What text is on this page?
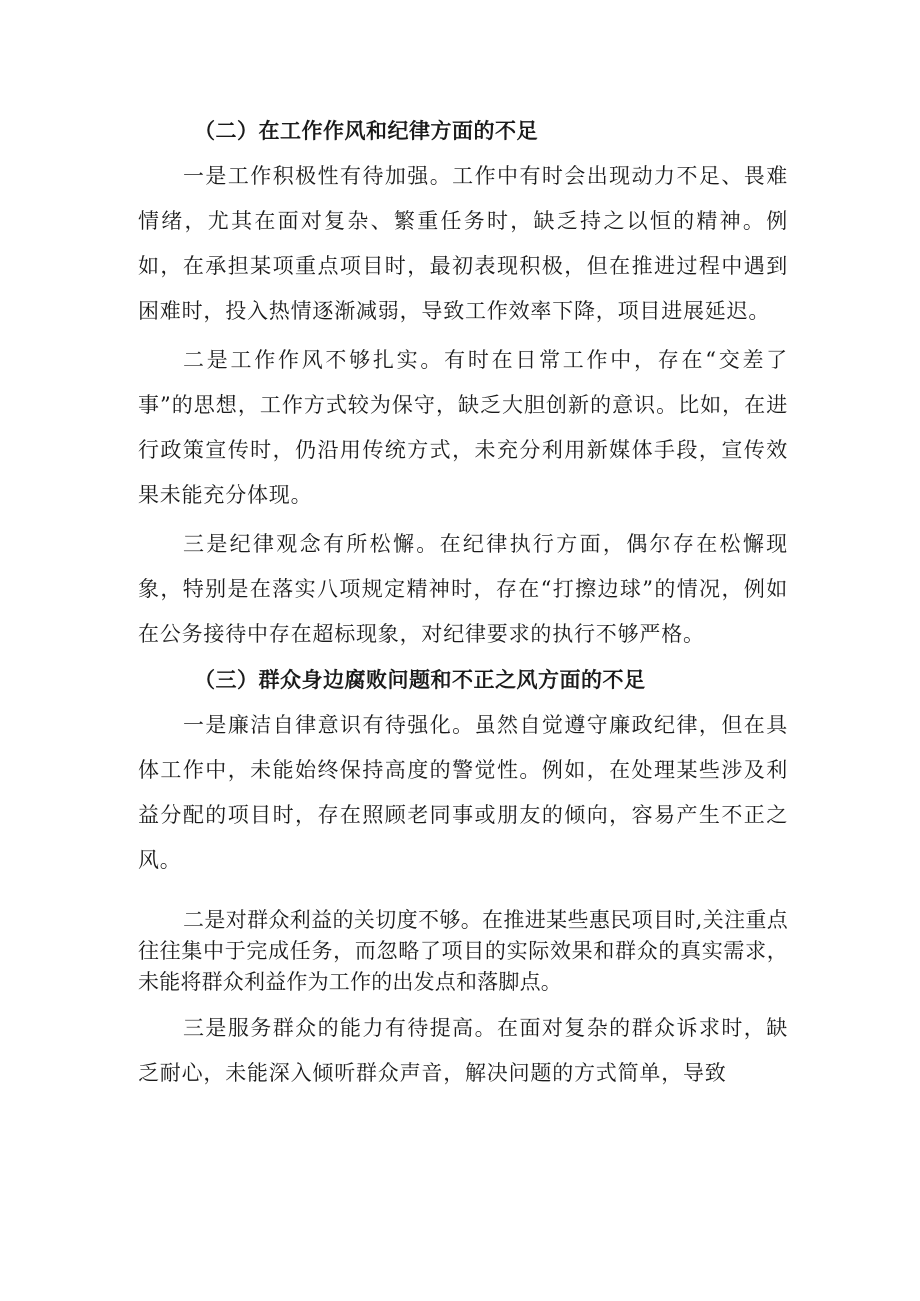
（二）在工作作风和纪律方面的不足

一是工作积极性有待加强。工作中有时会出现动力不足、畏难情绪，尤其在面对复杂、繁重任务时，缺乏持之以恒的精神。例如，在承担某项重点项目时，最初表现积极，但在推进过程中遇到困难时，投入热情逐渐减弱，导致工作效率下降，项目进展延迟。

二是工作作风不够扎实。有时在日常工作中，存在“交差了事”的思想，工作方式较为保守，缺乏大胆创新的意识。比如，在进行政策宣传时，仍沿用传统方式，未充分利用新媒体手段，宣传效果未能充分体现。

三是纪律观念有所松懈。在纪律执行方面，偶尔存在松懈现象，特别是在落实八项规定精神时，存在“打擦边球”的情况，例如在公务接待中存在超标现象，对纪律要求的执行不够严格。

（三）群众身边腐败问题和不正之风方面的不足

一是廉洁自律意识有待强化。虽然自觉遵守廉政纪律，但在具体工作中，未能始终保持高度的警觉性。例如，在处理某些涉及利益分配的项目时，存在照顾老同事或朋友的倾向，容易产生不正之风。

二是对群众利益的关切度不够。在推进某些惠民项目时,关注重点往往集中于完成任务，而忽略了项目的实际效果和群众的真实需求，未能将群众利益作为工作的出发点和落脚点。

三是服务群众的能力有待提高。在面对复杂的群众诉求时，缺乏耐心，未能深入倾听群众声音，解决问题的方式简单，导致
